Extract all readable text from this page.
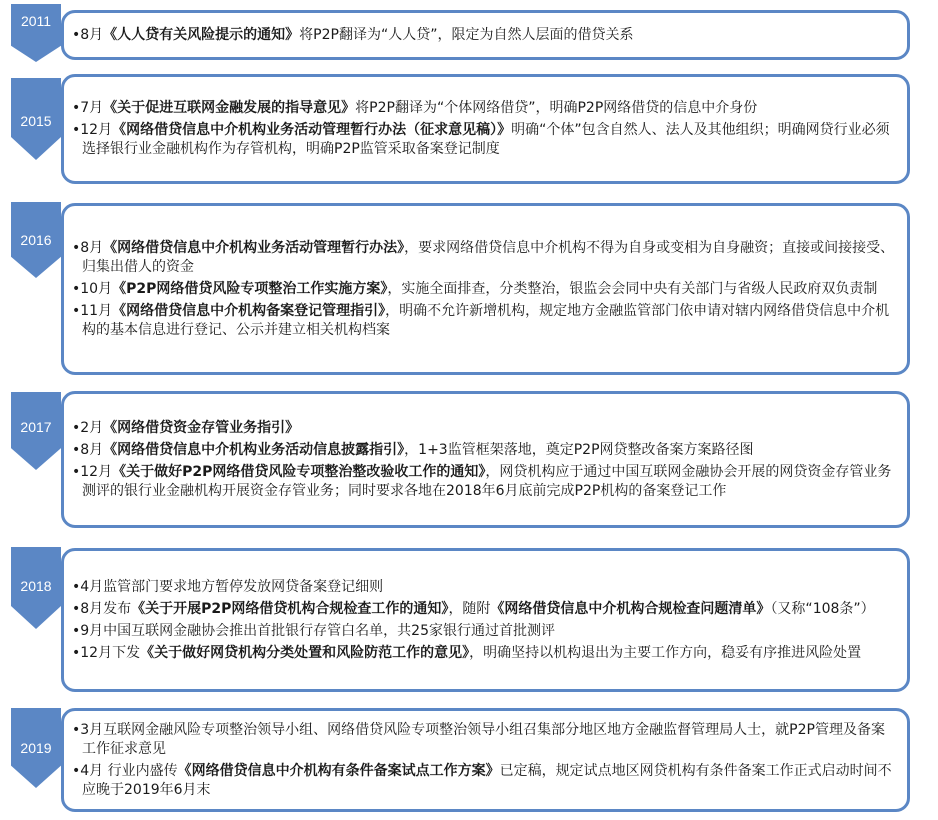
2011
•8月《人人贷有关风险提示的通知》将P2P翻译为“人人贷”，限定为自然人层面的借贷关系
2015
•7月《关于促进互联网金融发展的指导意见》将P2P翻译为“个体网络借贷”，明确P2P网络借贷的信息中介身份
•12月《网络借贷信息中介机构业务活动管理暂行办法（征求意见稿）》明确“个体”包含自然人、法人及其他组织；明确网贷行业必须选择银行业金融机构作为存管机构，明确P2P监管采取备案登记制度
2016	•8月《网络借贷信息中介机构业务活动管理暂行办法》，要求网络借贷信息中介机构不得为自身或变相为自身融资；直接或间接接受、归集出借人的资金
•10月《P2P网络借贷风险专项整治工作实施方案》，实施全面排查，分类整治，银监会会同中央有关部门与省级人民政府双负责制
•11月《网络借贷信息中介机构备案登记管理指引》，明确不允许新增机构，规定地方金融监管部门依申请对辖内网络借贷信息中介机构的基本信息进行登记、公示并建立相关机构档案
2017	•2月《网络借贷资金存管业务指引》
•8月《网络借贷信息中介机构业务活动信息披露指引》，1+3监管框架落地，奠定P2P网贷整改备案方案路径图
•12月《关于做好P2P网络借贷风险专项整治整改验收工作的通知》，网贷机构应于通过中国互联网金融协会开展的网贷资金存管业务测评的银行业金融机构开展资金存管业务；同时要求各地在2018年6月底前完成P2P机构的备案登记工作
2018	•4月监管部门要求地方暂停发放网贷备案登记细则
•8月发布《关于开展P2P网络借贷机构合规检查工作的通知》，随附《网络借贷信息中介机构合规检查问题清单》（又称“108条”）
•9月中国互联网金融协会推出首批银行存管白名单，共25家银行通过首批测评
•12月下发《关于做好网贷机构分类处置和风险防范工作的意见》，明确坚持以机构退出为主要工作方向，稳妥有序推进风险处置
2019
•3月互联网金融风险专项整治领导小组、网络借贷风险专项整治领导小组召集部分地区地方金融监督管理局人士，就P2P管理及备案工作征求意见
•4月 行业内盛传《网络借贷信息中介机构有条件备案试点工作方案》已定稿，规定试点地区网贷机构有条件备案工作正式启动时间不应晚于2019年6月末
